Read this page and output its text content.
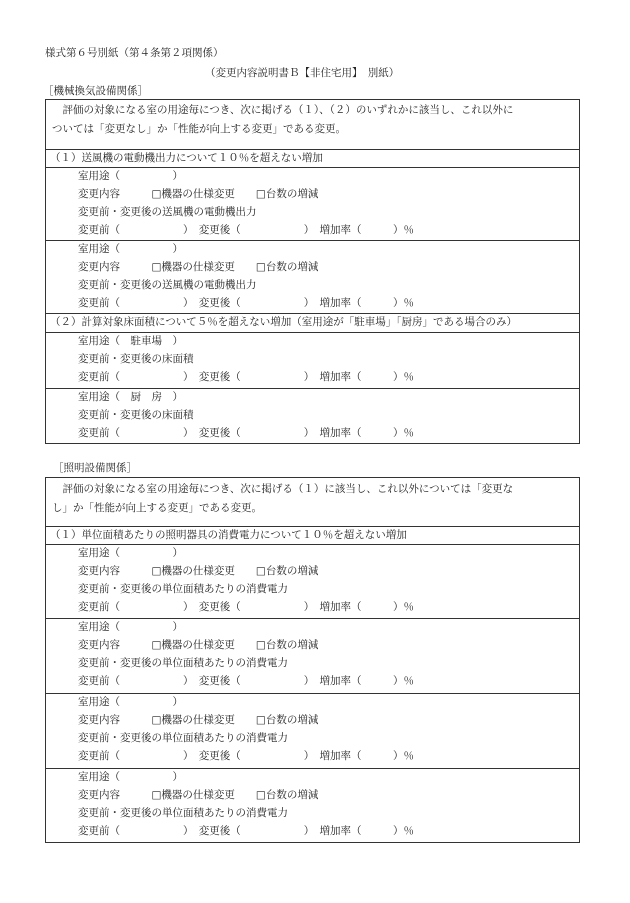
様式第６号別紙（第４条第２項関係）
（変更内容説明書Ｂ【非住宅用】　別紙）
［機械換気設備関係］
　評価の対象になる室の用途毎につき、次に掲げる（１）、（２）のいずれかに該当し、これ以外に
ついては「変更なし」か「性能が向上する変更」である変更。
（１）送風機の電動機出力について１０％を超えない増加
室用途（　　　　　）
変更内容　　　□機器の仕様変更　　□台数の増減
変更前・変更後の送風機の電動機出力
変更前（　　　　　　）　変更後（　　　　　　）　増加率（　　　）％
室用途（　　　　　）
変更内容　　　□機器の仕様変更　　□台数の増減
変更前・変更後の送風機の電動機出力
変更前（　　　　　　）　変更後（　　　　　　）　増加率（　　　）％
（２）計算対象床面積について５％を超えない増加（室用途が「駐車場」「厨房」である場合のみ）
室用途（　駐車場　）
変更前・変更後の床面積
変更前（　　　　　　）　変更後（　　　　　　）　増加率（　　　）％
室用途（　厨　房　）
変更前・変更後の床面積
変更前（　　　　　　）　変更後（　　　　　　）　増加率（　　　）％
［照明設備関係］
　評価の対象になる室の用途毎につき、次に掲げる（１）に該当し、これ以外については「変更な
し」か「性能が向上する変更」である変更。
（１）単位面積あたりの照明器具の消費電力について１０％を超えない増加
室用途（　　　　　）
変更内容　　　□機器の仕様変更　　□台数の増減
変更前・変更後の単位面積あたりの消費電力
変更前（　　　　　　）　変更後（　　　　　　）　増加率（　　　）％
室用途（　　　　　）
変更内容　　　□機器の仕様変更　　□台数の増減
変更前・変更後の単位面積あたりの消費電力
変更前（　　　　　　）　変更後（　　　　　　）　増加率（　　　）％
室用途（　　　　　）
変更内容　　　□機器の仕様変更　　□台数の増減
変更前・変更後の単位面積あたりの消費電力
変更前（　　　　　　）　変更後（　　　　　　）　増加率（　　　）％
室用途（　　　　　）
変更内容　　　□機器の仕様変更　　□台数の増減
変更前・変更後の単位面積あたりの消費電力
変更前（　　　　　　）　変更後（　　　　　　）　増加率（　　　）％
